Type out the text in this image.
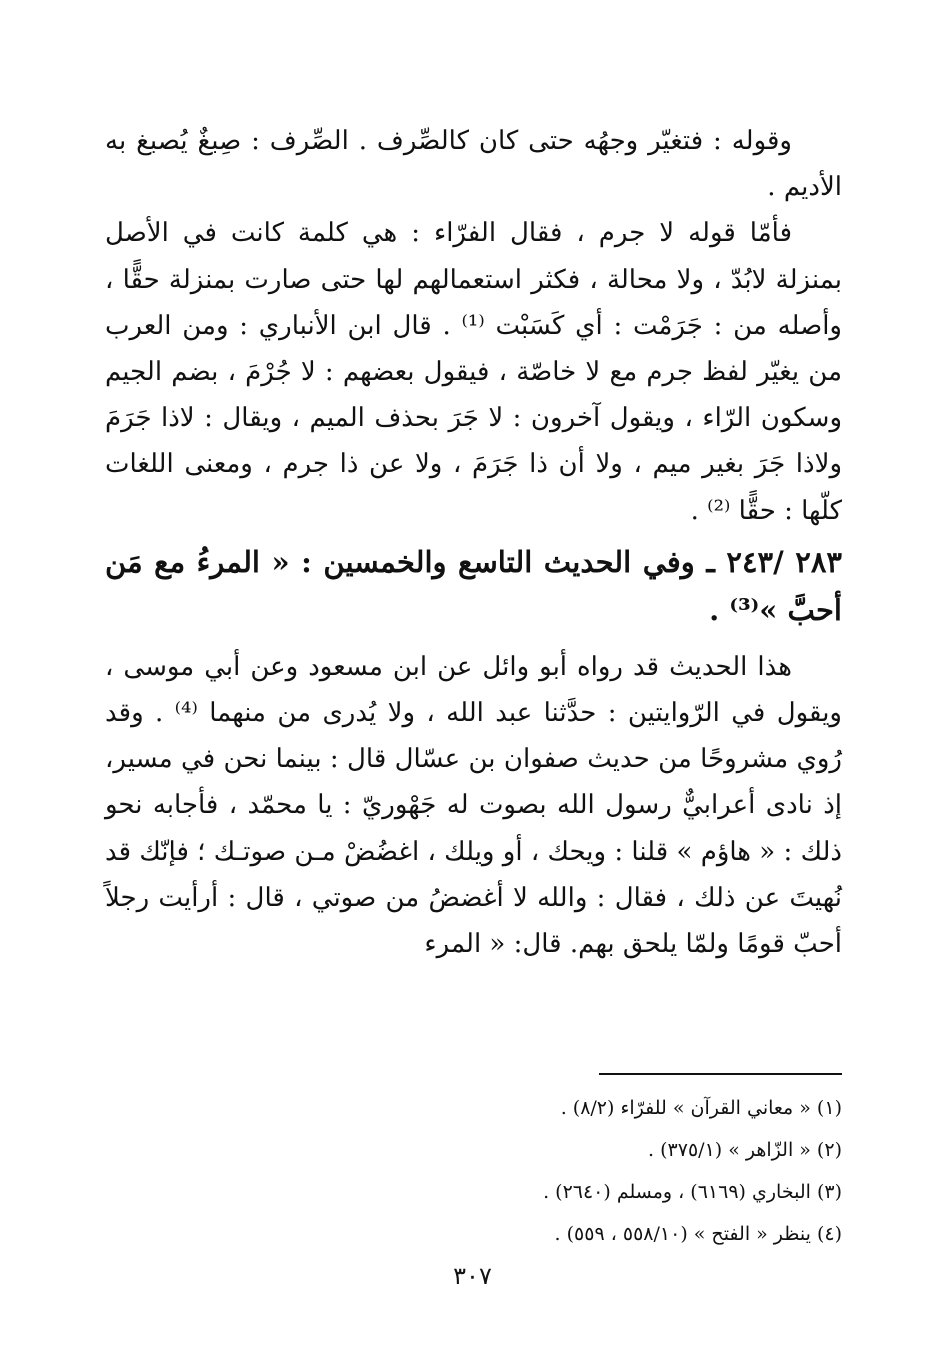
وقوله : فتغيّر وجهُه حتى كان كالصِّرف . الصِّرف : صِبغٌ يُصبغ به الأديم .

فأمّا قوله لا جرم ، فقال الفرّاء : هي كلمة كانت في الأصل بمنزلة لابُدّ ، ولا محالة ، فكثر استعمالهم لها حتى صارت بمنزلة حقًّا ، وأصله من : جَرَمْت : أي كَسَبْت ⁽¹⁾ . قال ابن الأنباري : ومن العرب من يغيّر لفظ جرم مع لا خاصّة ، فيقول بعضهم : لا جُرْمَ ، بضم الجيم وسكون الرّاء ، ويقول آخرون : لا جَرَ بحذف الميم ، ويقال : لاذا جَرَمَ ولاذا جَرَ بغير ميم ، ولا أن ذا جَرَمَ ، ولا عن ذا جرم ، ومعنى اللغات كلّها : حقًّا ⁽²⁾ .

٢٨٣ /٢٤٣ ـ وفي الحديث التاسع والخمسين : « المرءُ مع مَن أحبَّ »⁽³⁾ .

هذا الحديث قد رواه أبو وائل عن ابن مسعود وعن أبي موسى ، ويقول في الرّوايتين : حدَّثنا عبد الله ، ولا يُدرى من منهما ⁽⁴⁾ . وقد رُوي مشروحًا من حديث صفوان بن عسّال قال : بينما نحن في مسير، إذ نادى أعرابيٌّ رسول الله بصوت له جَهْوريّ : يا محمّد ، فأجابه نحو ذلك : « هاؤم » قلنا : ويحك ، أو ويلك ، اغضُضْ مـن صوتـك ؛ فإنّك قد نُهيتَ عن ذلك ، فقال : والله لا أغضضُ من صوتي ، قال : أرأيت رجلاً أحبّ قومًا ولمّا يلحق بهم. قال: « المرء

(١) « معاني القرآن » للفرّاء (٨/٢) .
(٢) « الزّاهر » (٣٧٥/١) .
(٣) البخاري (٦١٦٩) ، ومسلم (٢٦٤٠) .
(٤) ينظر « الفتح » (٥٥٨/١٠ ، ٥٥٩) .
٣٠٧
